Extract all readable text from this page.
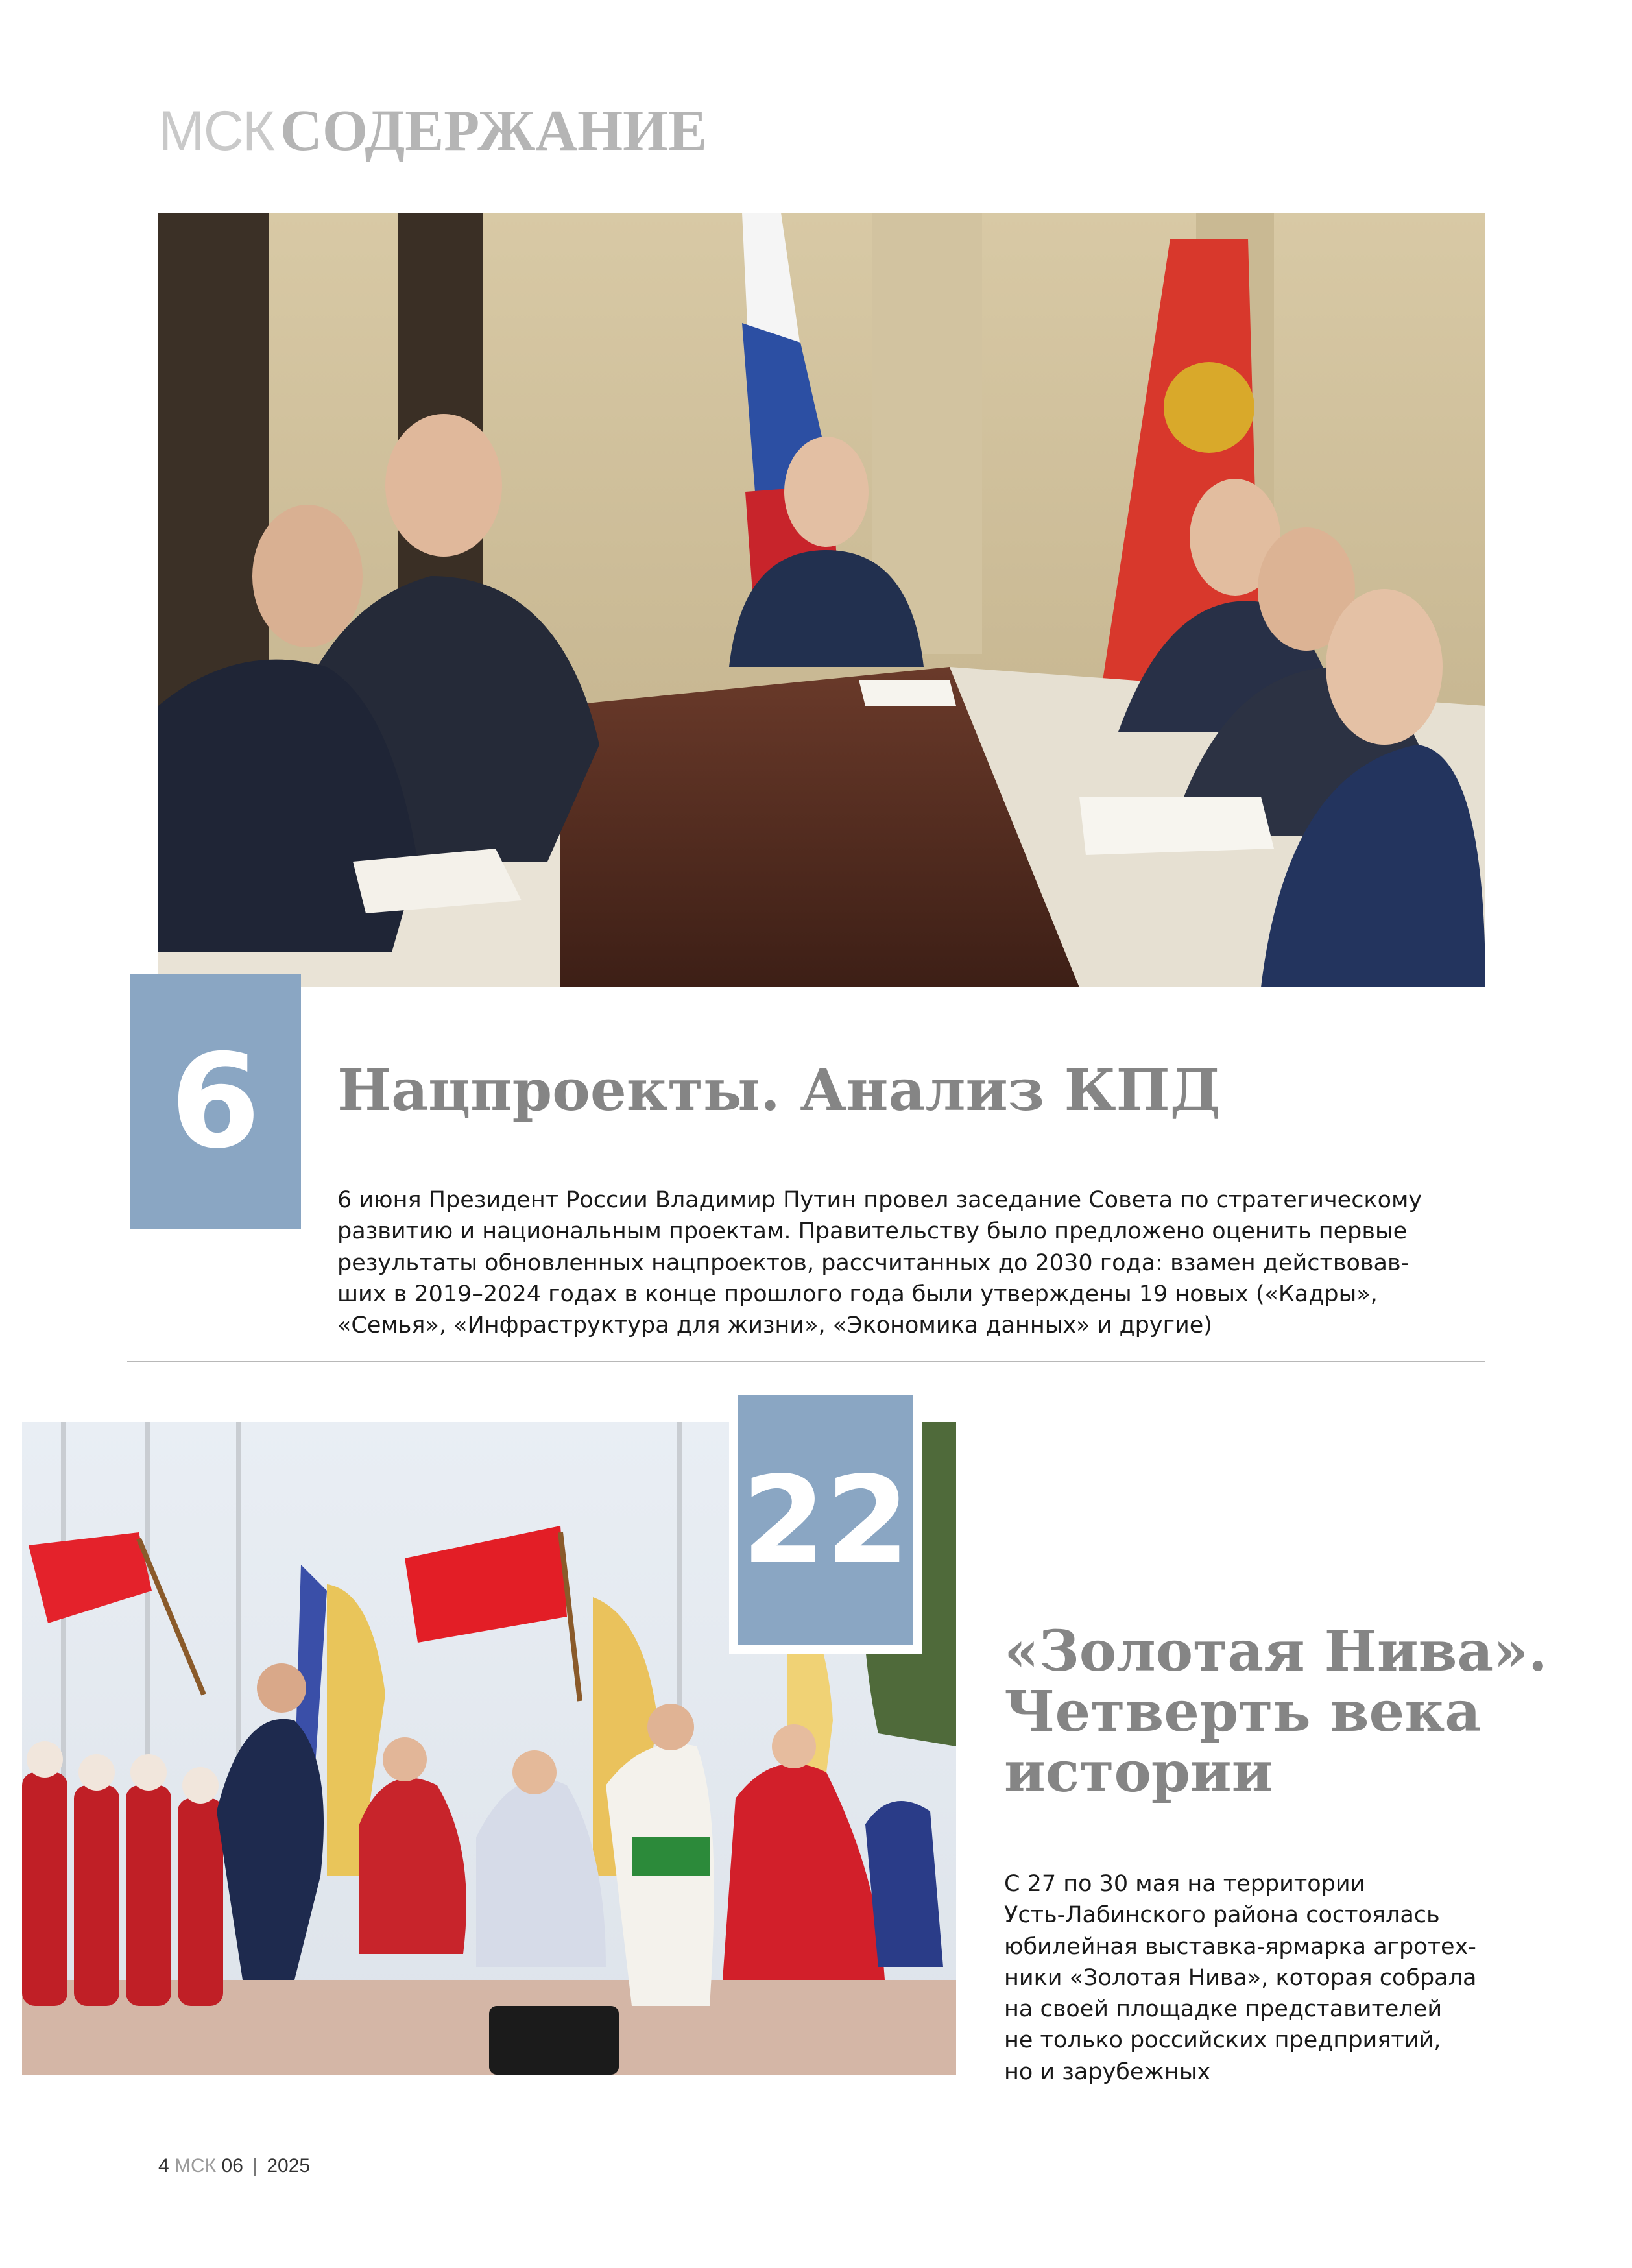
МСК СОДЕРЖАНИЕ
6	Нацпроекты. Анализ КПД
6 июня Президент России Владимир Путин провел заседание Совета по стратегическому
развитию и национальным проектам. Правительству было предложено оценить первые
результаты обновленных нацпроектов, рассчитанных до 2030 года: взамен действовав-
ших в 2019–2024 годах в конце прошлого года были утверждены 19 новых («Кадры»,
«Семья», «Инфраструктура для жизни», «Экономика данных» и другие)
22
«Золотая Нива».
Четверть века
истории
С 27 по 30 мая на территории
Усть-Лабинского района состоялась
юбилейная выставка-ярмарка агротех-
ники «Золотая Нива», которая собрала
на своей площадке представителей
не только российских предприятий,
но и зарубежных
4 МСК 06 | 2025
